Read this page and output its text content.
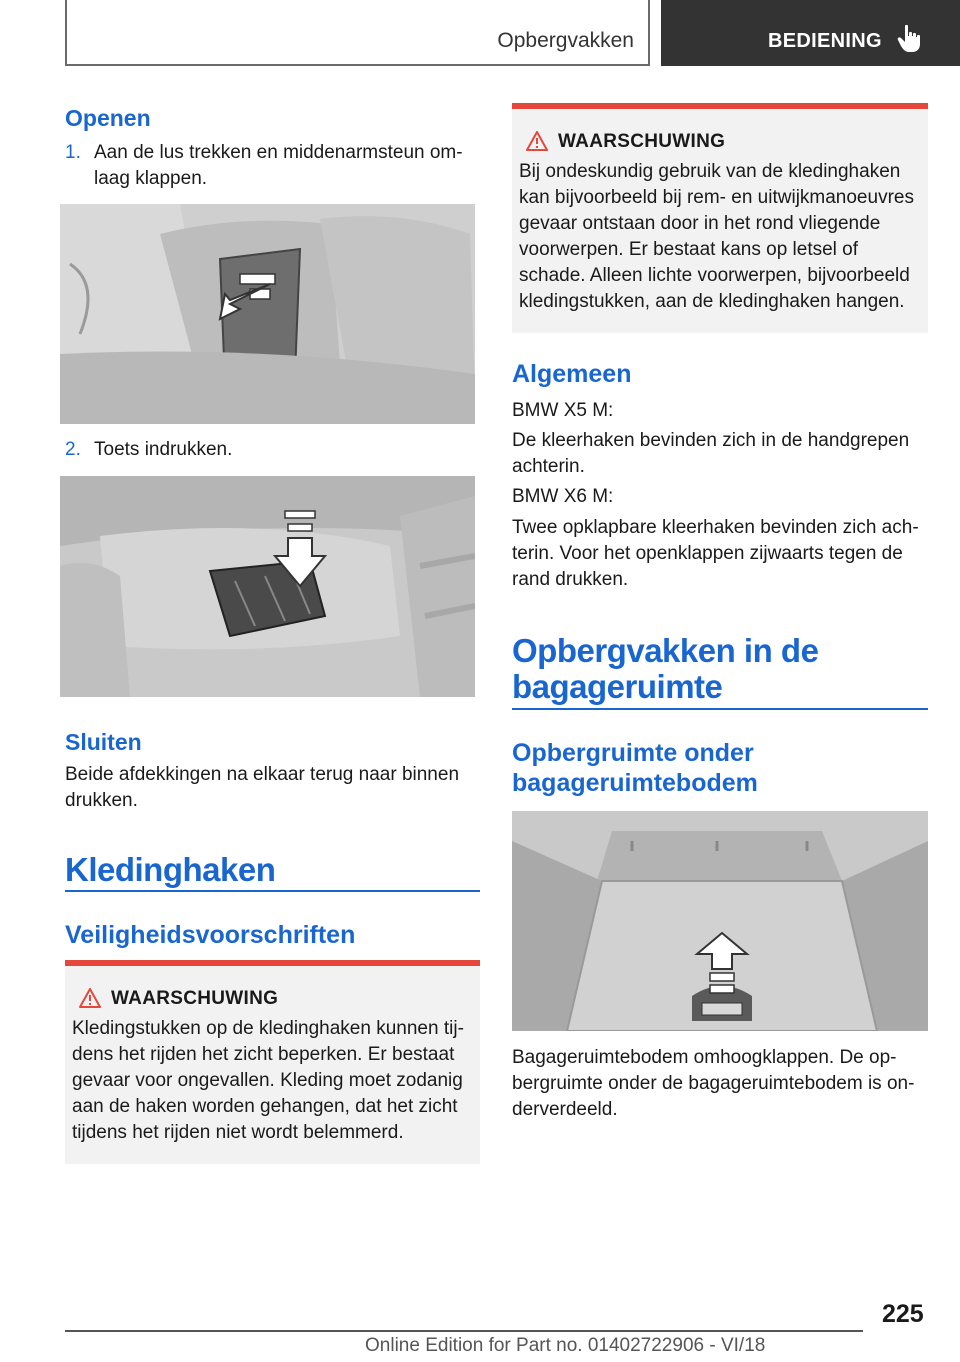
Opbergvakken	BEDIENING
Openen
1. Aan de lus trekken en middenarmsteun omlaag klappen.
2. Toets indrukken.
Sluiten
Beide afdekkingen na elkaar terug naar binnen drukken.
Kledinghaken
Veiligheidsvoorschriften
WAARSCHUWING
Kledingstukken op de kledinghaken kunnen tijdens het rijden het zicht beperken. Er bestaat gevaar voor ongevallen. Kleding moet zodanig aan de haken worden gehangen, dat het zicht tijdens het rijden niet wordt belemmerd.
WAARSCHUWING
Bij ondeskundig gebruik van de kledinghaken kan bijvoorbeeld bij rem- en uitwijkmanoeuvres gevaar ontstaan door in het rond vliegende voorwerpen. Er bestaat kans op letsel of schade. Alleen lichte voorwerpen, bijvoorbeeld kledingstukken, aan de kledinghaken hangen.
Algemeen
BMW X5 M:
De kleerhaken bevinden zich in de handgrepen achterin.
BMW X6 M:
Twee opklapbare kleerhaken bevinden zich achterin. Voor het openklappen zijwaarts tegen de rand drukken.
Opbergvakken in de bagageruimte
Opbergruimte onder bagageruimtebodem
Bagageruimtebodem omhoogklappen. De opbergruimte onder de bagageruimtebodem is onderverdeeld.
225
Online Edition for Part no. 01402722906 - VI/18
